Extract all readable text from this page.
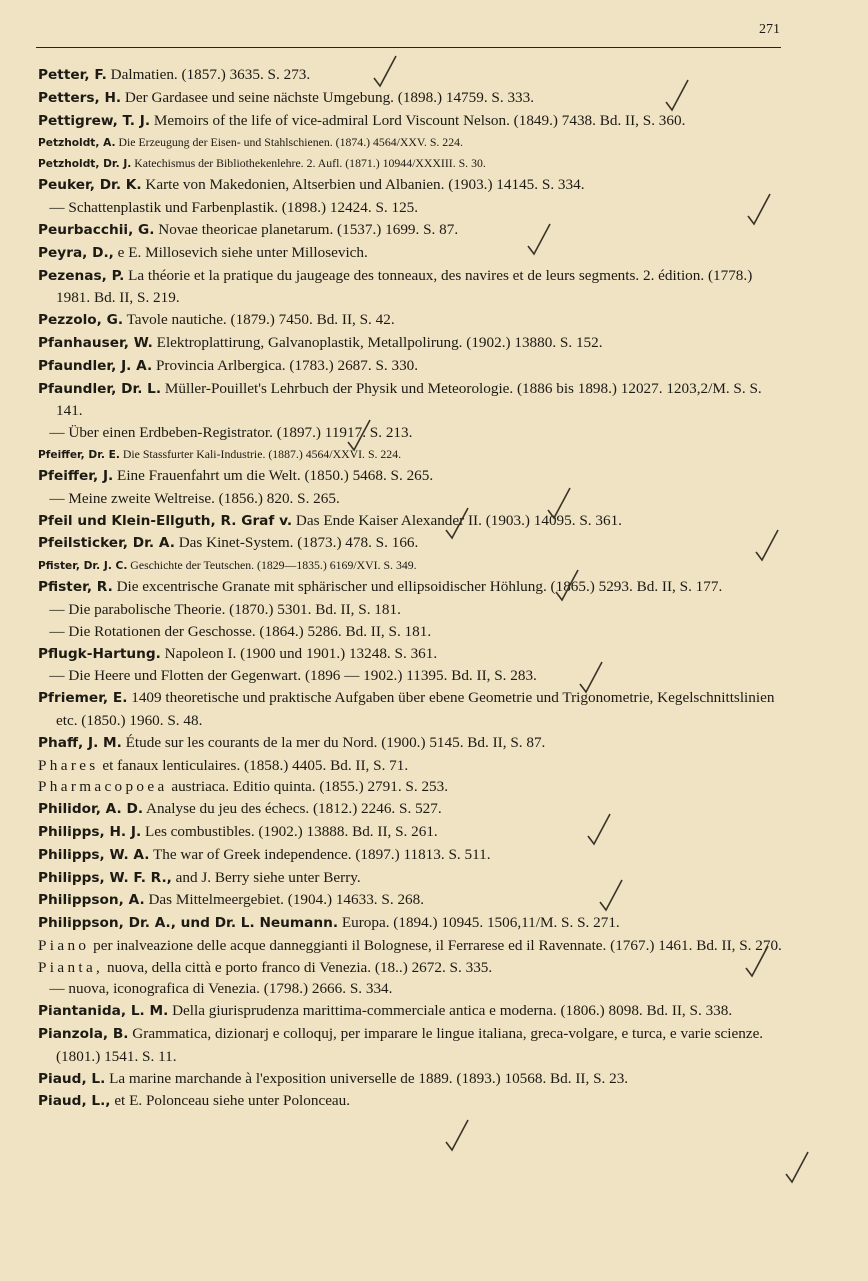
271
Petter, F. Dalmatien. (1857.) 3635. S. 273.
Petters, H. Der Gardasee und seine nächste Umgebung. (1898.) 14759. S. 333.
Pettigrew, T. J. Memoirs of the life of vice-admiral Lord Viscount Nelson. (1849.) 7438. Bd. II, S. 360.
Petzholdt, A. Die Erzeugung der Eisen- und Stahlschienen. (1874.) 4564/XXV. S. 224.
Petzholdt, Dr. J. Katechismus der Bibliothekenlehre. 2. Aufl. (1871.) 10944/XXXIII. S. 30.
Peuker, Dr. K. Karte von Makedonien, Altserbien und Albanien. (1903.) 14145. S. 334.
— Schattenplastik und Farbenplastik. (1898.) 12424. S. 125.
Peurbacchii, G. Novae theoricae planetarum. (1537.) 1699. S. 87.
Peyra, D., e E. Millosevich siehe unter Millosevich.
Pezenas, P. La théorie et la pratique du jaugeage des tonneaux, des navires et de leurs segments. 2. édition. (1778.) 1981. Bd. II, S. 219.
Pezzolo, G. Tavole nautiche. (1879.) 7450. Bd. II, S. 42.
Pfanhauser, W. Elektroplattirung, Galvanoplastik, Metallpolirung. (1902.) 13880. S. 152.
Pfaundler, J. A. Provincia Arlbergica. (1783.) 2687. S. 330.
Pfaundler, Dr. L. Müller-Pouillet's Lehrbuch der Physik und Meteorologie. (1886 bis 1898.) 12027. 1203,2/M. S. S. 141.
— Über einen Erdbeben-Registrator. (1897.) 11917. S. 213.
Pfeiffer, Dr. E. Die Stassfurter Kali-Industrie. (1887.) 4564/XXVI. S. 224.
Pfeiffer, J. Eine Frauenfahrt um die Welt. (1850.) 5468. S. 265.
— Meine zweite Weltreise. (1856.) 820. S. 265.
Pfeil und Klein-Ellguth, R. Graf v. Das Ende Kaiser Alexander II. (1903.) 14095. S. 361.
Pfeilsticker, Dr. A. Das Kinet-System. (1873.) 478. S. 166.
Pfister, Dr. J. C. Geschichte der Teutschen. (1829—1835.) 6169/XVI. S. 349.
Pfister, R. Die excentrische Granate mit sphärischer und ellipsoidischer Höhlung. (1865.) 5293. Bd. II, S. 177.
— Die parabolische Theorie. (1870.) 5301. Bd. II, S. 181.
— Die Rotationen der Geschosse. (1864.) 5286. Bd. II, S. 181.
Pflugk-Hartung. Napoleon I. (1900 und 1901.) 13248. S. 361.
— Die Heere und Flotten der Gegenwart. (1896 — 1902.) 11395. Bd. II, S. 283.
Pfriemer, E. 1409 theoretische und praktische Aufgaben über ebene Geometrie und Trigonometrie, Kegelschnittslinien etc. (1850.) 1960. S. 48.
Phaff, J. M. Étude sur les courants de la mer du Nord. (1900.) 5145. Bd. II, S. 87.
Phares et fanaux lenticulaires. (1858.) 4405. Bd. II, S. 71.
Pharmacopoea austriaca. Editio quinta. (1855.) 2791. S. 253.
Philidor, A. D. Analyse du jeu des échecs. (1812.) 2246. S. 527.
Philipps, H. J. Les combustibles. (1902.) 13888. Bd. II, S. 261.
Philipps, W. A. The war of Greek independence. (1897.) 11813. S. 511.
Philipps, W. F. R., and J. Berry siehe unter Berry.
Philippson, A. Das Mittelmeergebiet. (1904.) 14633. S. 268.
Philippson, Dr. A., und Dr. L. Neumann. Europa. (1894.) 10945. 1506,11/M. S. S. 271.
Piano per inalveazione delle acque danneggianti il Bolognese, il Ferrarese ed il Ravennate. (1767.) 1461. Bd. II, S. 270.
Pianta, nuova, della città e porto franco di Venezia. (18..) 2672. S. 335.
— nuova, iconografica di Venezia. (1798.) 2666. S. 334.
Piantanida, L. M. Della giurisprudenza marittima-commerciale antica e moderna. (1806.) 8098. Bd. II, S. 338.
Pianzola, B. Grammatica, dizionarj e colloquj, per imparare le lingue italiana, greca-volgare, e turca, e varie scienze. (1801.) 1541. S. 11.
Piaud, L. La marine marchande à l'exposition universelle de 1889. (1893.) 10568. Bd. II, S. 23.
Piaud, L., et E. Polonceau siehe unter Polonceau.
